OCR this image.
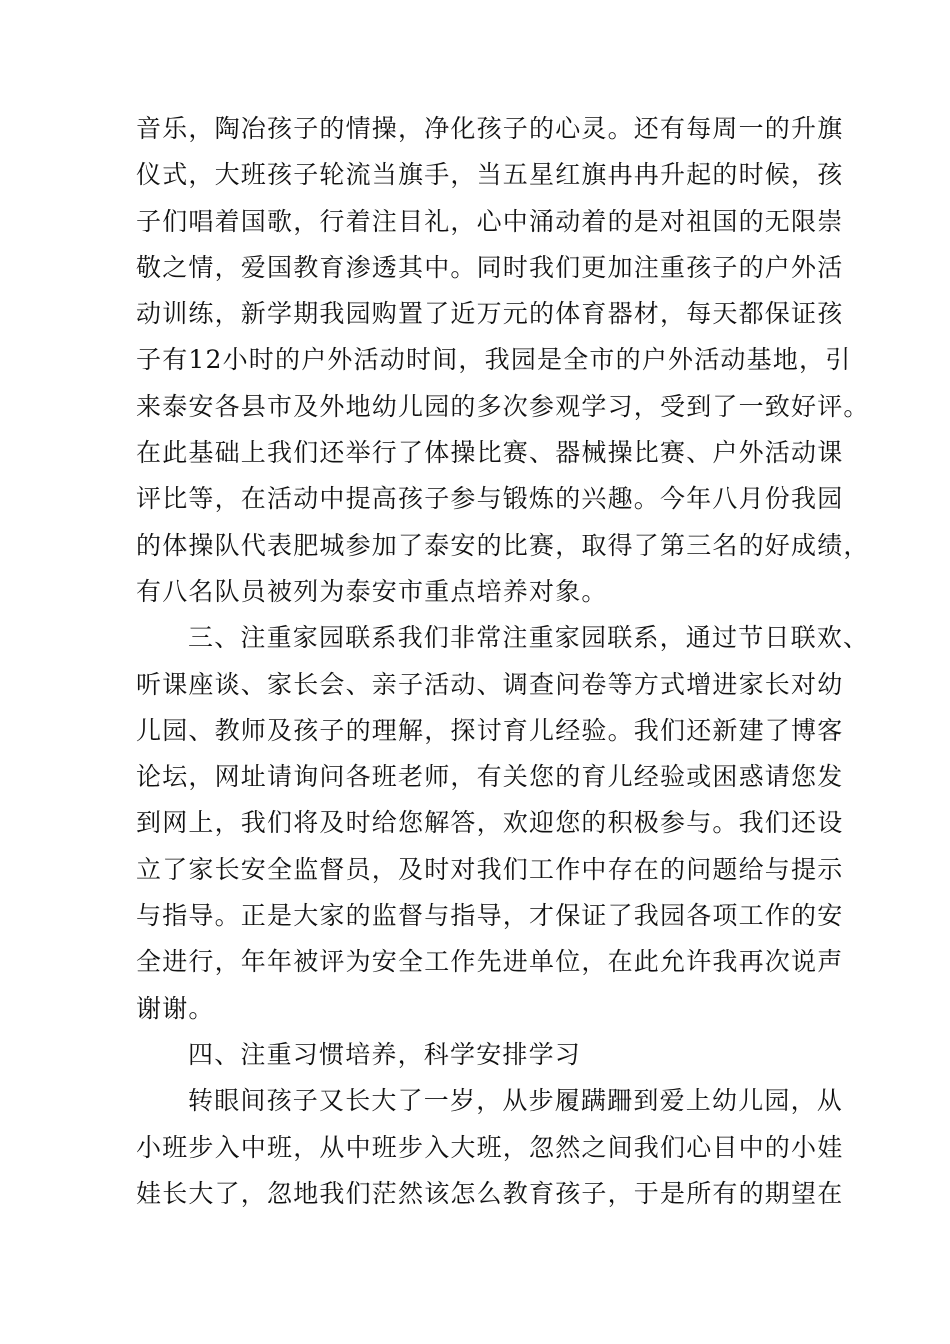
音乐，陶冶孩子的情操，净化孩子的心灵。还有每周一的升旗
仪式，大班孩子轮流当旗手，当五星红旗冉冉升起的时候，孩
子们唱着国歌，行着注目礼，心中涌动着的是对祖国的无限崇
敬之情，爱国教育渗透其中。同时我们更加注重孩子的户外活
动训练，新学期我园购置了近万元的体育器材，每天都保证孩
子有12小时的户外活动时间，我园是全市的户外活动基地，引
来泰安各县市及外地幼儿园的多次参观学习，受到了一致好评。
在此基础上我们还举行了体操比赛、器械操比赛、户外活动课
评比等，在活动中提高孩子参与锻炼的兴趣。今年八月份我园
的体操队代表肥城参加了泰安的比赛，取得了第三名的好成绩，
有八名队员被列为泰安市重点培养对象。
三、注重家园联系我们非常注重家园联系，通过节日联欢、
听课座谈、家长会、亲子活动、调查问卷等方式增进家长对幼
儿园、教师及孩子的理解，探讨育儿经验。我们还新建了博客
论坛，网址请询问各班老师，有关您的育儿经验或困惑请您发
到网上，我们将及时给您解答，欢迎您的积极参与。我们还设
立了家长安全监督员，及时对我们工作中存在的问题给与提示
与指导。正是大家的监督与指导，才保证了我园各项工作的安
全进行，年年被评为安全工作先进单位，在此允许我再次说声
谢谢。
四、注重习惯培养，科学安排学习
转眼间孩子又长大了一岁，从步履蹒跚到爱上幼儿园，从
小班步入中班，从中班步入大班，忽然之间我们心目中的小娃
娃长大了，忽地我们茫然该怎么教育孩子，于是所有的期望在
